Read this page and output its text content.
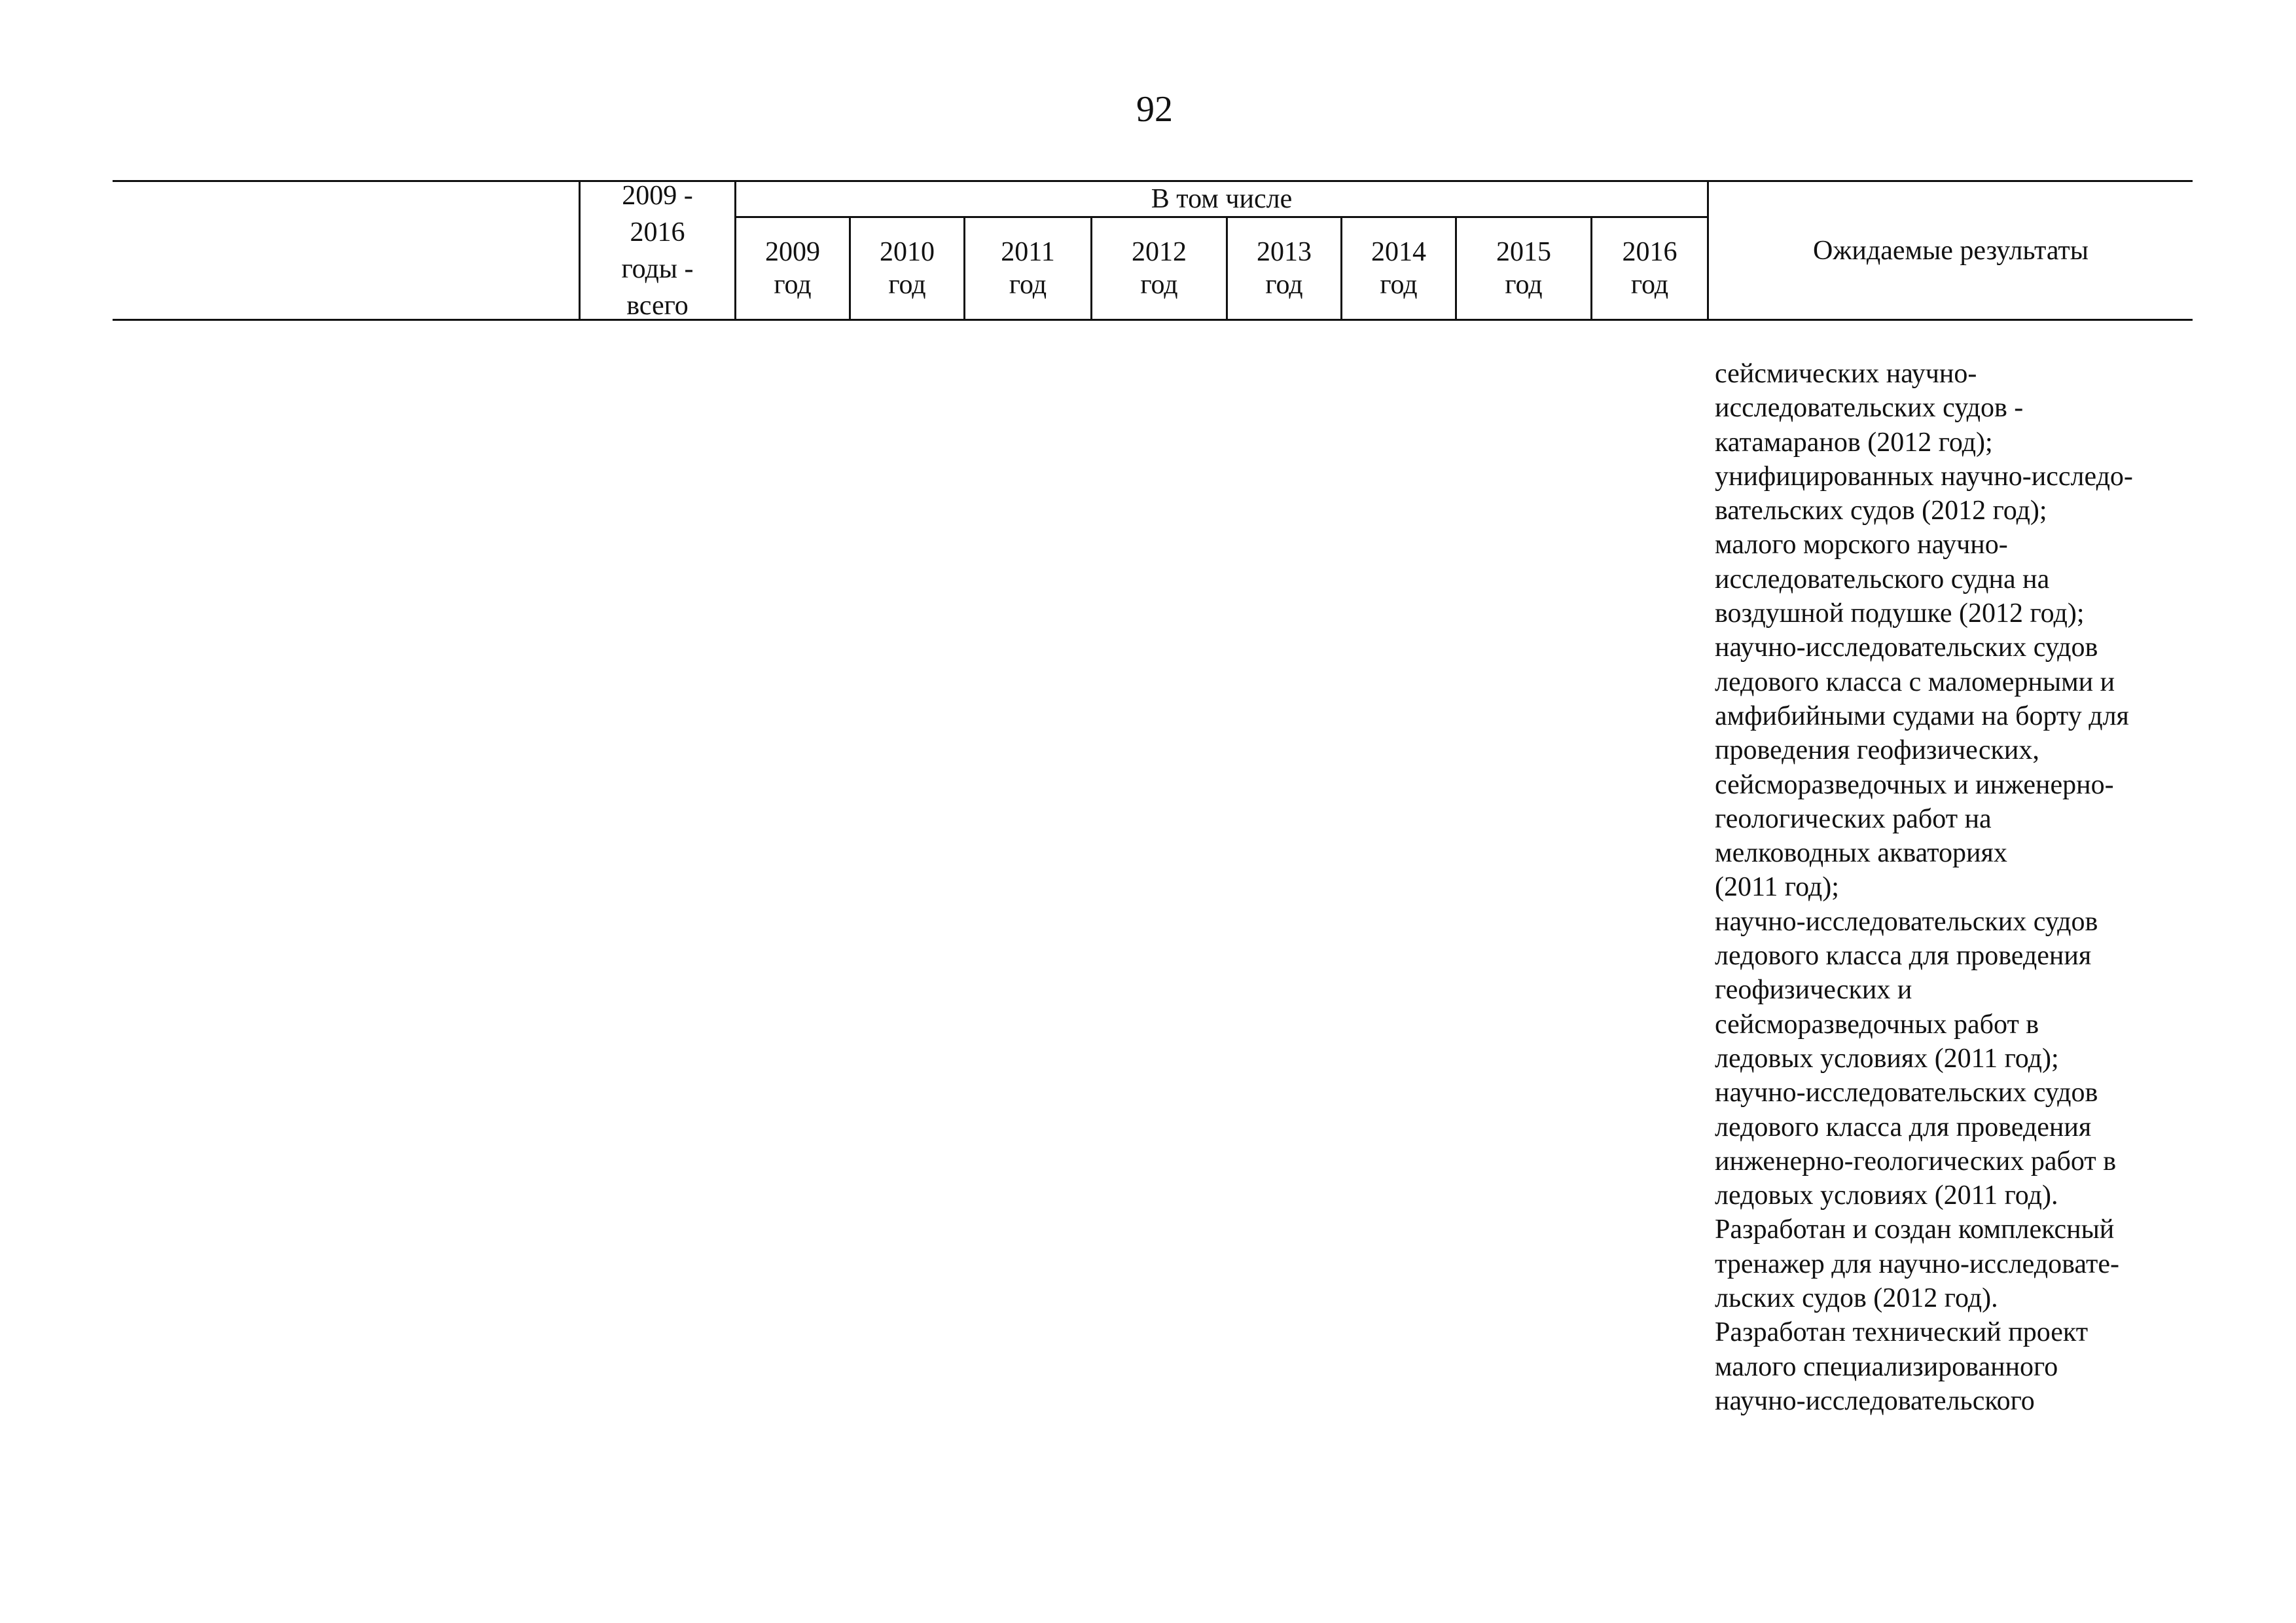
92
2009 -
2016
годы -
всего
В том числе
2009
год
2010
год
2011
год
2012
год
2013
год
2014
год
2015
год
2016
год
Ожидаемые результаты
сейсмических научно-
исследовательских судов -
катамаранов (2012 год);
унифицированных научно-исследо-
вательских судов (2012 год);
малого морского научно-
исследовательского судна на
воздушной подушке (2012 год);
научно-исследовательских судов
ледового класса с маломерными и
амфибийными судами на борту для
проведения геофизических,
сейсморазведочных и инженерно-
геологических работ на
мелководных акваториях
(2011 год);
научно-исследовательских судов
ледового класса для проведения
геофизических и
сейсморазведочных работ в
ледовых условиях (2011 год);
научно-исследовательских судов
ледового класса для проведения
инженерно-геологических работ в
ледовых условиях (2011 год).
Разработан и создан комплексный
тренажер для научно-исследовате-
льских судов (2012 год).
Разработан технический проект
малого специализированного
научно-исследовательского
